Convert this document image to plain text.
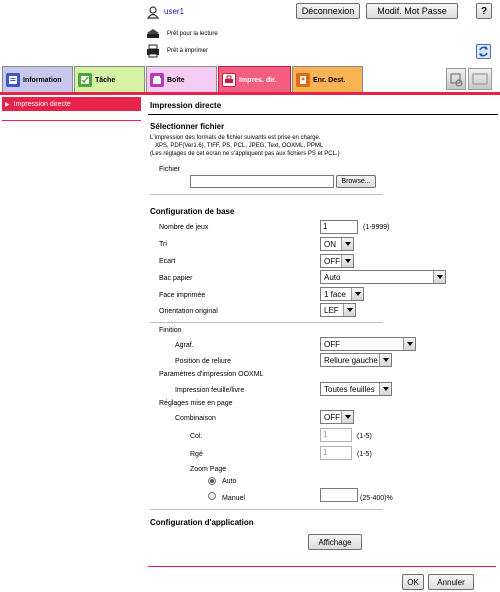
user1	Déconnexion	Modif. Mot Passe	?
Prêt pour la lecture
Prêt à imprimer
Information	Tâche	Boîte	Impres. dir.	Enr. Dest.
▶ Impression directe	Impression directe
Sélectionner fichier
L'impression des formats de fichier suivants est prise en charge.
XPS, PDF(Ver1.6), TIFF, PS, PCL, JPEG, Text, OOXML, PPML
(Les réglages de cet écran ne s'appliquent pas aux fichiers PS et PCL.)
Fichier
Browse...
Configuration de base
Nombre de jeux	1	(1-9999)
Tri	ON
Ecart	OFF
Bac papier	Auto
Face imprimée	1 face
Orientation original	LEF
Finition
Agraf.	OFF
Position de reliure	Reliure gauche
Paramètres d'impression OOXML
Impression feuille/livre	Toutes feuilles
Réglages mise en page
Combinaison	OFF
Col.	1	(1-5)
Rgé	1	(1-5)
Zoom Page
Auto
Manuel	(25-400)%
Configuration d'application
Affichage
OK	Annuler
